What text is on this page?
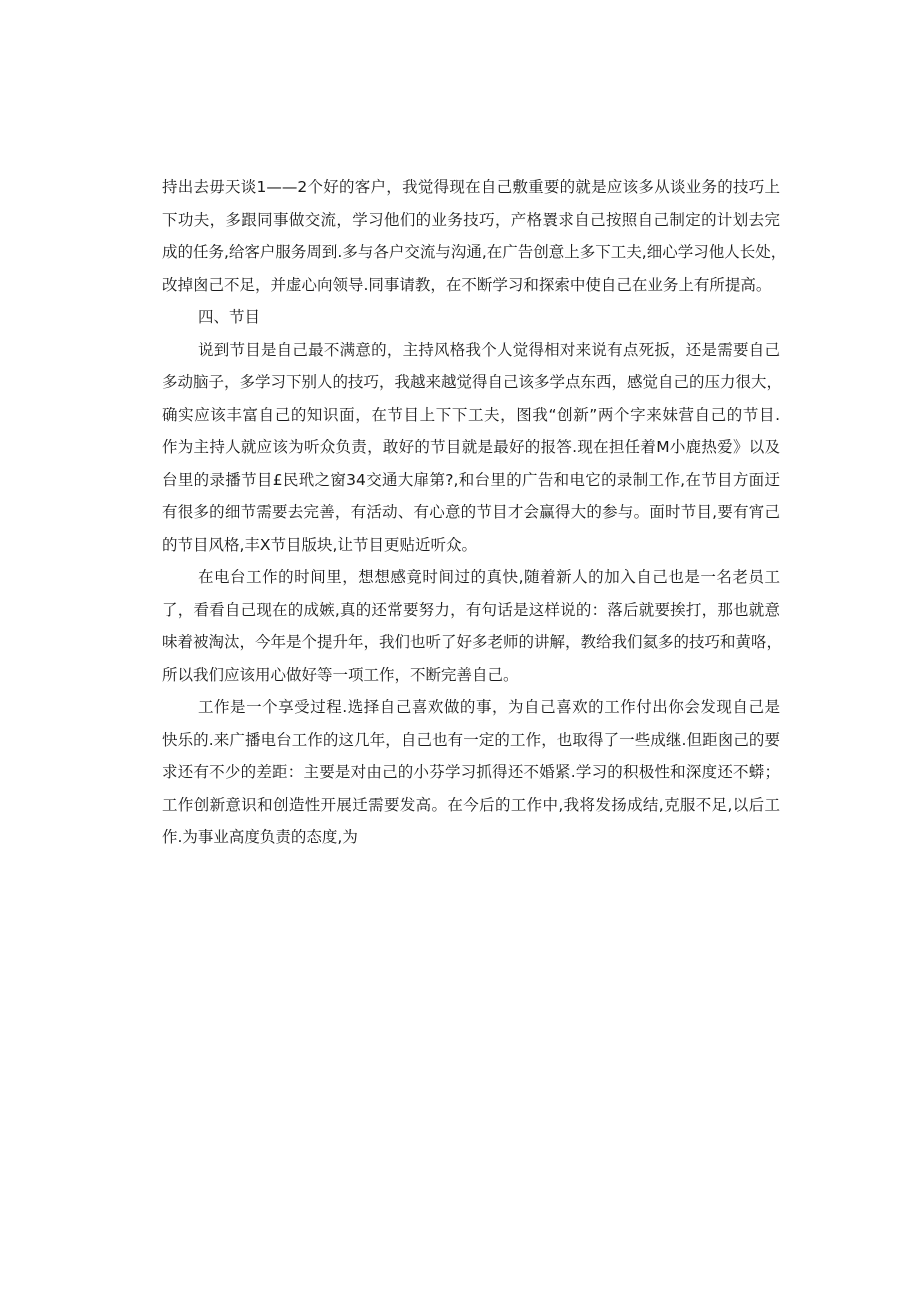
持出去毋天谈1——2个好的客户，我觉得现在自己敷重要的就是应该多从谈业务的技巧上
下功夫，多跟同事做交流，学习他们的业务技巧，产格瞏求自己按照自己制定的计划去完
成的任务,给客户服务周到.多与各户交流与沟通,在广告创意上多下工夫,细心学习他人长处，
改掉囪己不足，并虚心向领导.同事请教，在不断学习和探索中使自己在业务上有所提高。
四、节目
说到节目是自己最不满意的，主持风格我个人觉得相对来说有点死扳，还是需要自己
多动脑子，多学习下别人的技巧，我越来越觉得自己该多学点东西，感觉自己的压力很大，
确实应该丰富自己的知识面，在节目上下下工夫，图我“创新”两个字来妹营自己的节目.
作为主持人就应该为听众负责，敢好的节目就是最好的报答.现在担任着M小鹿热爱》以及
台里的录播节目£民玳之窗34交通大扉第?,和台里的广告和电它的录制工作,在节目方面迂
有很多的细节需要去完善，有活动、有心意的节目才会赢得大的参与。面时节目,要有宵己
的节目风格,丰X节目版块,让节目更贴近听众。
在电台工作的时间里，想想感竟时间过的真快,随着新人的加入自己也是一名老员工
了，看看自己现在的成嫉,真的还常要努力，有句话是这样说的：落后就要挨打，那也就意
味着被淘汰，今年是个提升年，我们也听了好多老师的讲解，教给我们氦多的技巧和黄咯，
所以我们应该用心做好等一项工作，不断完善自己。
工作是一个享受过程.选择自己喜欢做的事，为自己喜欢的工作付出你会发现自己是
快乐的.来广播电台工作的这几年，自己也有一定的工作，也取得了一些成继.但距囪己的要
求还有不少的差距：主要是对由己的小芬学习抓得还不婚紧.学习的积极性和深度还不蟒；
工作创新意识和创造性开展迁需要发高。在今后的工作中,我将发扬成结,克服不足,以后工
作.为事业高度负责的态度,为
